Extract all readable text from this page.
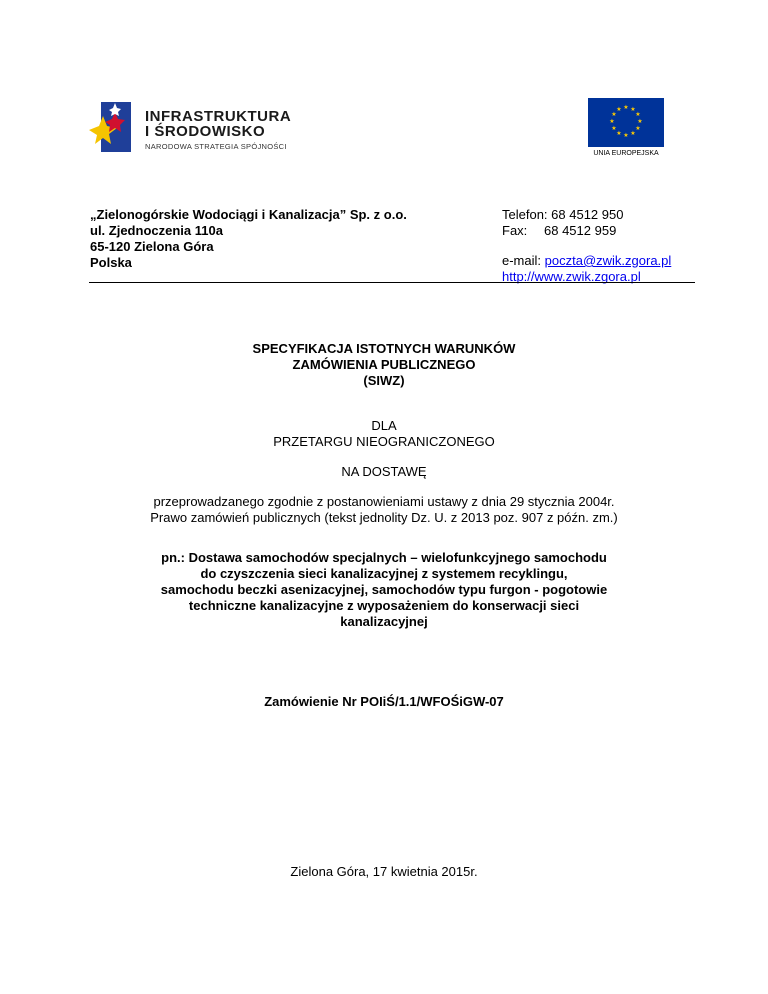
INFRASTRUKTURA
I ŚRODOWISKO
NARODOWA STRATEGIA SPÓJNOŚCI
★ ★
★
★
★
★
★
★
★
★
★
★
UNIA EUROPEJSKA
„Zielonogórskie Wodociągi i Kanalizacja” Sp. z o.o.
ul. Zjednoczenia 110a
65-120 Zielona Góra
Polska
Telefon: 68 4512 950
Fax: 68 4512 959
e-mail: poczta@zwik.zgora.pl
http://www.zwik.zgora.pl
SPECYFIKACJA ISTOTNYCH WARUNKÓW
ZAMÓWIENIA PUBLICZNEGO
(SIWZ)
DLA
PRZETARGU NIEOGRANICZONEGO
NA DOSTAWĘ
przeprowadzanego zgodnie z postanowieniami ustawy z dnia 29 stycznia 2004r.
Prawo zamówień publicznych (tekst jednolity Dz. U. z 2013 poz. 907 z późn. zm.)
pn.: Dostawa samochodów specjalnych – wielofunkcyjnego samochodu
do czyszczenia sieci kanalizacyjnej z systemem recyklingu,
samochodu beczki asenizacyjnej, samochodów typu furgon - pogotowie
techniczne kanalizacyjne z wyposażeniem do konserwacji sieci
kanalizacyjnej
Zamówienie Nr POIiŚ/1.1/WFOŚiGW-07
Zielona Góra, 17 kwietnia 2015r.
